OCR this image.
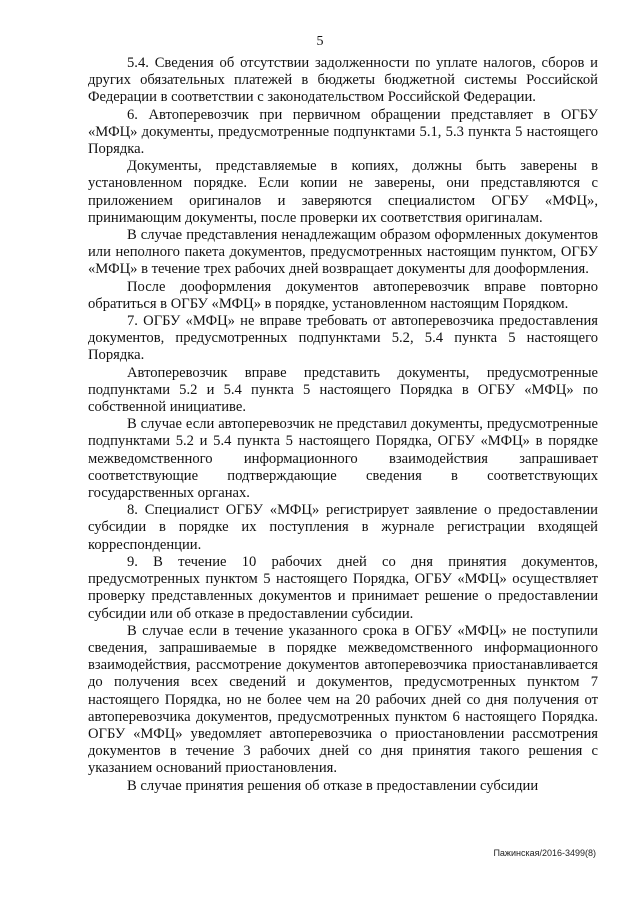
5

5.4. Сведения об отсутствии задолженности по уплате налогов, сборов и других обязательных платежей в бюджеты бюджетной системы Российской Федерации в соответствии с законодательством Российской Федерации.

6. Автоперевозчик при первичном обращении представляет в ОГБУ «МФЦ» документы, предусмотренные подпунктами 5.1, 5.3 пункта 5 настоящего Порядка.

Документы, представляемые в копиях, должны быть заверены в установленном порядке. Если копии не заверены, они представляются с приложением оригиналов и заверяются специалистом ОГБУ «МФЦ», принимающим документы, после проверки их соответствия оригиналам.

В случае представления ненадлежащим образом оформленных документов или неполного пакета документов, предусмотренных настоящим пунктом, ОГБУ «МФЦ» в течение трех рабочих дней возвращает документы для дооформления.

После дооформления документов автоперевозчик вправе повторно обратиться в ОГБУ «МФЦ» в порядке, установленном настоящим Порядком.

7. ОГБУ «МФЦ» не вправе требовать от автоперевозчика предоставления документов, предусмотренных подпунктами 5.2, 5.4 пункта 5 настоящего Порядка.

Автоперевозчик вправе представить документы, предусмотренные подпунктами 5.2 и 5.4 пункта 5 настоящего Порядка в ОГБУ «МФЦ» по собственной инициативе.

В случае если автоперевозчик не представил документы, предусмотренные подпунктами 5.2 и 5.4 пункта 5 настоящего Порядка, ОГБУ «МФЦ» в порядке межведомственного информационного взаимодействия запрашивает соответствующие подтверждающие сведения в соответствующих государственных органах.

8. Специалист ОГБУ «МФЦ» регистрирует заявление о предоставлении субсидии в порядке их поступления в журнале регистрации входящей корреспонденции.

9. В течение 10 рабочих дней со дня принятия документов, предусмотренных пунктом 5 настоящего Порядка, ОГБУ «МФЦ» осуществляет проверку представленных документов и принимает решение о предоставлении субсидии или об отказе в предоставлении субсидии.

В случае если в течение указанного срока в ОГБУ «МФЦ» не поступили сведения, запрашиваемые в порядке межведомственного информационного взаимодействия, рассмотрение документов автоперевозчика приостанавливается до получения всех сведений и документов, предусмотренных пунктом 7 настоящего Порядка, но не более чем на 20 рабочих дней со дня получения от автоперевозчика документов, предусмотренных пунктом 6 настоящего Порядка. ОГБУ «МФЦ» уведомляет автоперевозчика о приостановлении рассмотрения документов в течение 3 рабочих дней со дня принятия такого решения с указанием оснований приостановления.

В случае принятия решения об отказе в предоставлении субсидии

Пажинская/2016-3499(8)
